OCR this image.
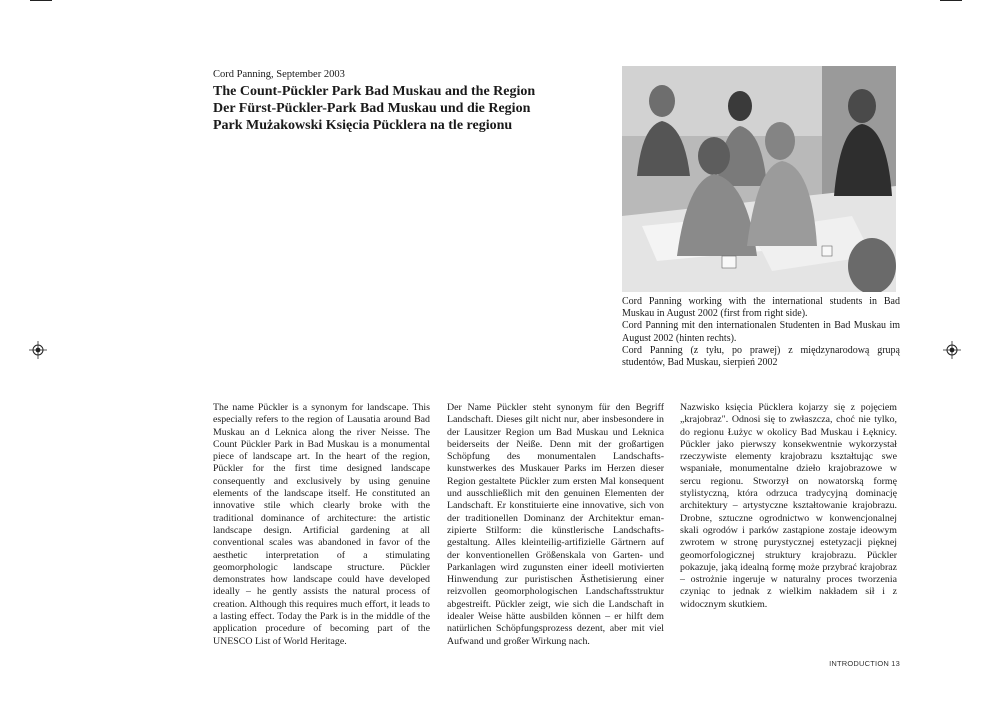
Cord Panning, September 2003

The Count-Pückler Park Bad Muskau and the Region

Der Fürst-Pückler-Park Bad Muskau und die Region

Park Mużakowski Księcia Pücklera na tle regionu

Cord Panning working with the international students in Bad Muskau in August 2002 (first from right side).

Cord Panning mit den internationalen Studenten in Bad Muskau im August 2002 (hinten rechts).

Cord Panning (z tyłu, po prawej) z międzynarodową grupą studentów, Bad Muskau, sierpień 2002

The name Pückler is a synonym for landscape. This especially refers to the region of Lausatia around Bad Muskau an d Leknica along the river Neisse. The Count Pückler Park in Bad Muskau is a monumental piece of landscape art. In the heart of the region, Pückler for the first time designed landscape consequently and exclusively by using genuine elements of the landscape itself. He constituted an innovative stile which clearly broke with the traditional dominance of architecture: the artistic landscape design. Artificial gardening at all conventional scales was abandoned in favor of the aesthetic interpretation of a stimulating geomorphologic landscape structure. Pückler demonstrates how landscape could have developed ideally – he gently assists the natural process of creation. Although this requires much effort, it leads to a lasting effect. Today the Park is in the middle of the application procedure of becoming part of the UNESCO List of World Heritage.

Der Name Pückler steht synonym für den Begriff Landschaft. Dieses gilt nicht nur, aber insbesondere in der Lausitzer Region um Bad Muskau und Leknica beiderseits der Neiße. Denn mit der großartigen Schöpfung des monumentalen Landschafts-kunstwerkes des Muskauer Parks im Herzen dieser Region gestaltete Pückler zum ersten Mal konsequent und ausschließlich mit den genuinen Elementen der Landschaft. Er konstituierte eine innovative, sich von der traditionellen Dominanz der Architektur eman-zipierte Stilform: die künstlerische Landschafts-gestaltung. Alles kleinteilig-artifizielle Gärtnern auf der konventionellen Größenskala von Garten- und Parkanlagen wird zugunsten einer ideell motivierten Hinwendung zur puristischen Ästhetisierung einer reizvollen geomorphologischen Landschaftsstruktur abgestreift. Pückler zeigt, wie sich die Landschaft in idealer Weise hätte ausbilden können – er hilft dem natürlichen Schöpfungsprozess dezent, aber mit viel Aufwand und großer Wirkung nach.

Nazwisko księcia Pücklera kojarzy się z pojęciem „krajobraz". Odnosi się to zwłaszcza, choć nie tylko, do regionu Łużyc w okolicy Bad Muskau i Łęknicy. Pückler jako pierwszy konsekwentnie wykorzystał rzeczywiste elementy krajobrazu kształtując swe wspaniałe, monumentalne dzieło krajobrazowe w sercu regionu. Stworzył on nowatorską formę stylistyczną, która odrzuca tradycyjną dominację architektury – artystyczne kształtowanie krajobrazu. Drobne, sztuczne ogrodnictwo w konwencjonalnej skali ogrodów i parków zastąpione zostaje ideowym zwrotem w stronę purystycznej estetyzacji pięknej geomorfologicznej struktury krajobrazu. Pückler pokazuje, jaką idealną formę może przybrać krajobraz – ostrożnie ingeruje w naturalny proces tworzenia czyniąc to jednak z wielkim nakładem sił i z widocznym skutkiem.

INTRODUCTION 13
